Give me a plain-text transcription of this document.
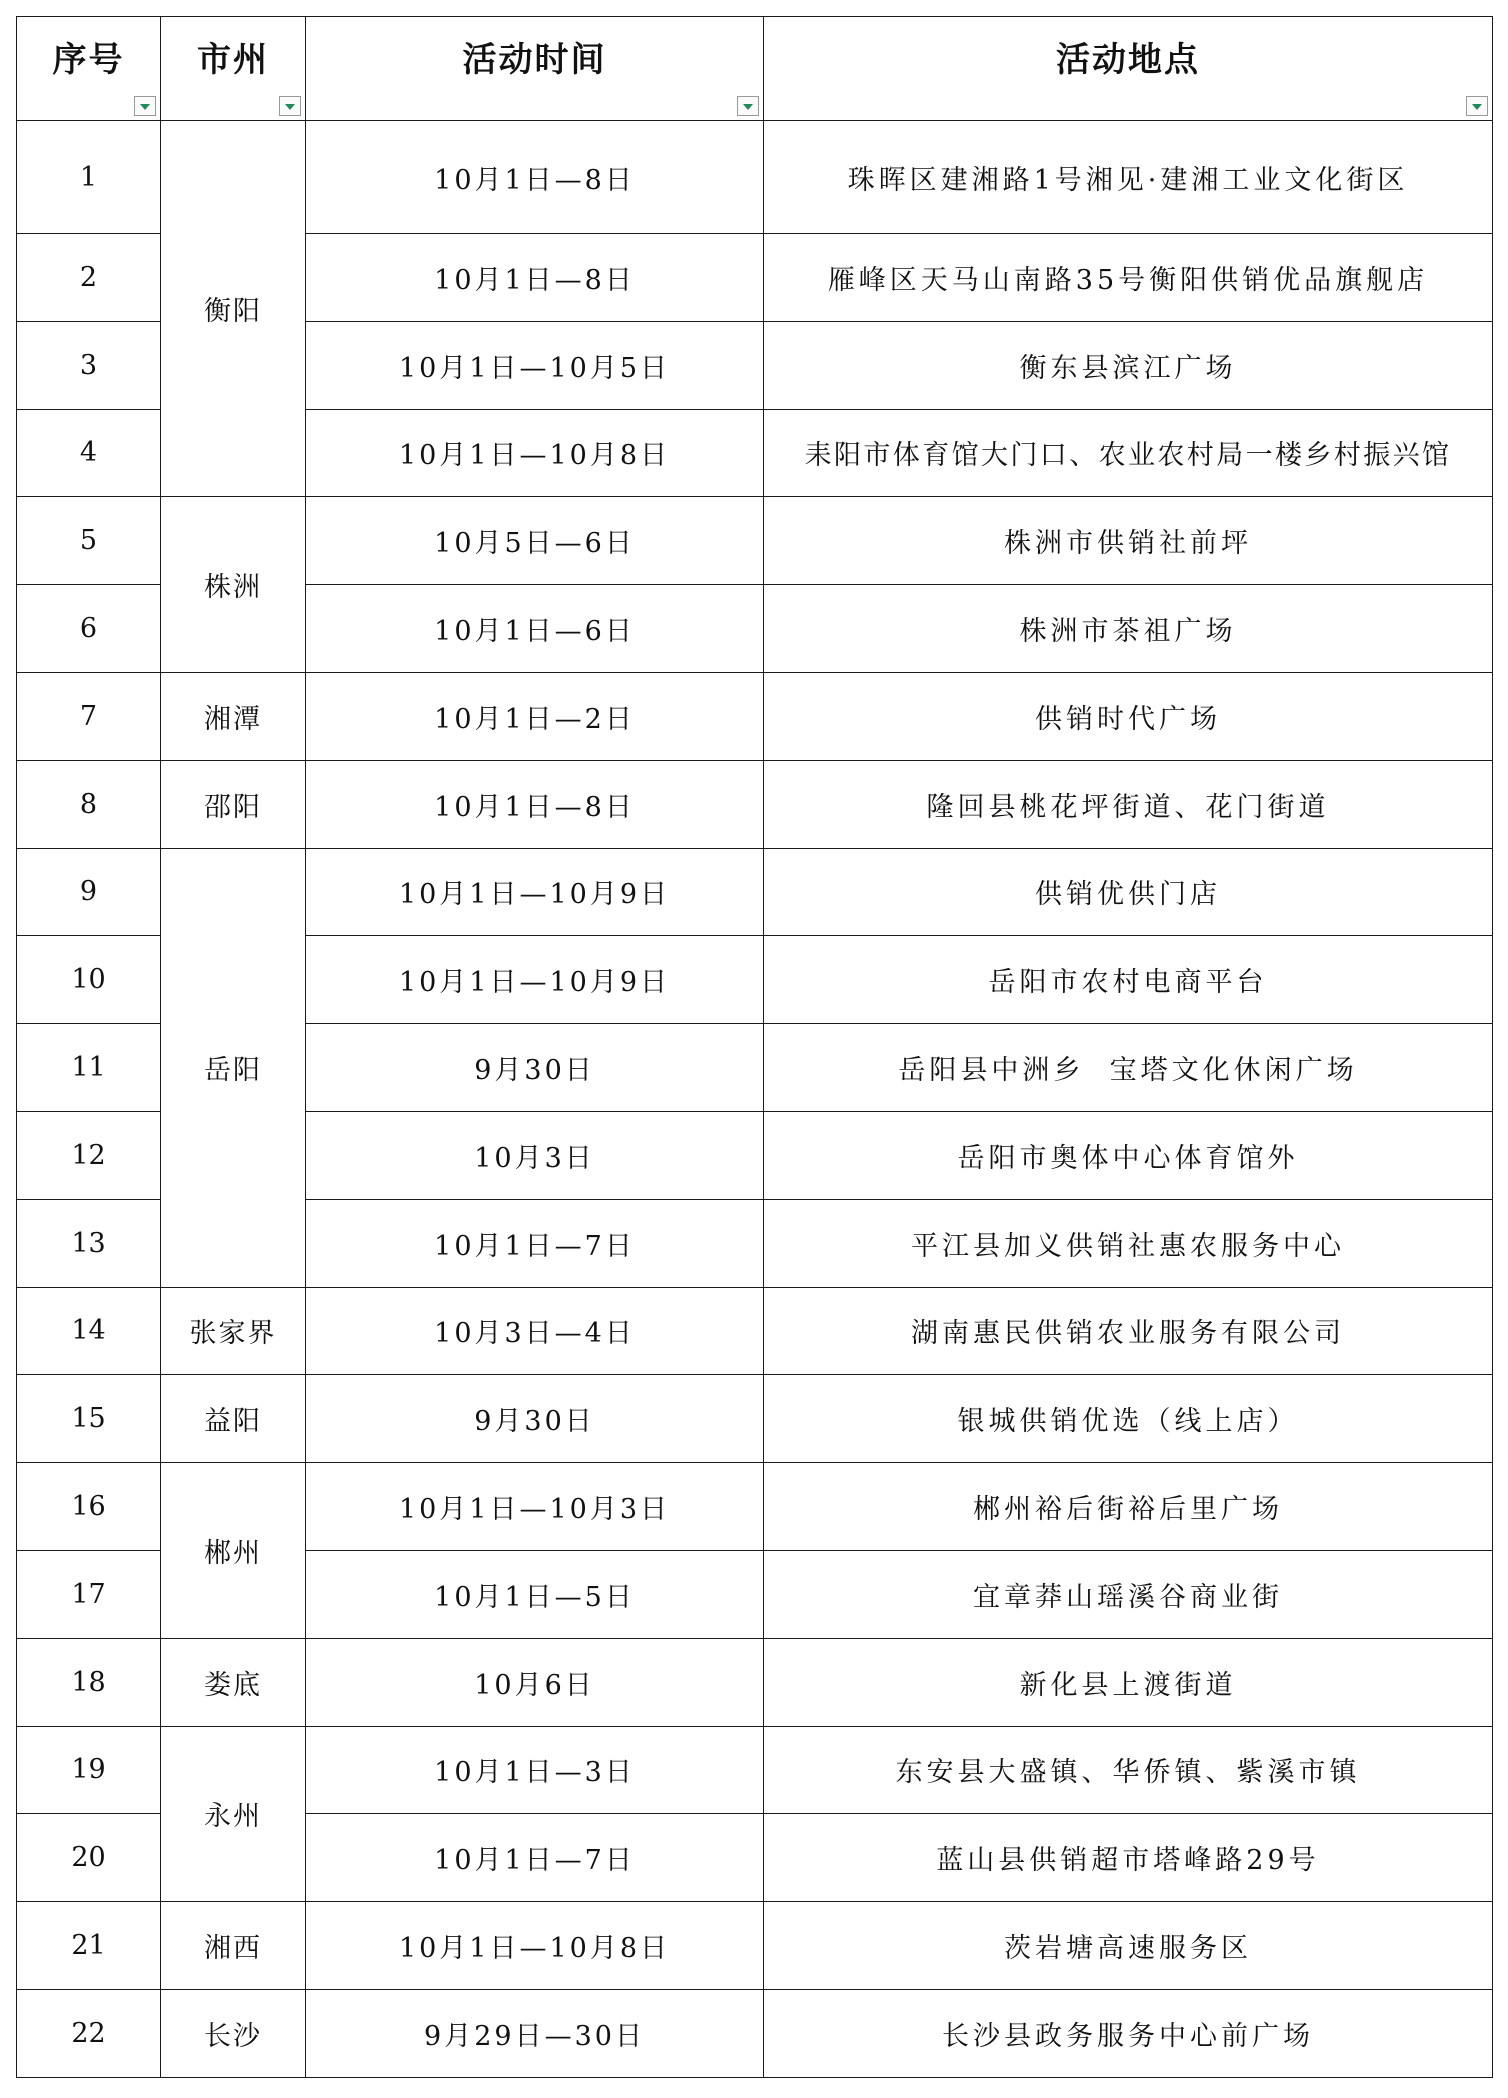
序号	市州	活动时间	活动地点

1	衡阳	10月1日—8日	珠晖区建湘路1号湘见·建湘工业文化街区
2		10月1日—8日	雁峰区天马山南路35号衡阳供销优品旗舰店
3		10月1日—10月5日	衡东县滨江广场
4		10月1日—10月8日	耒阳市体育馆大门口、农业农村局一楼乡村振兴馆
5	株洲	10月5日—6日	株洲市供销社前坪
6		10月1日—6日	株洲市茶祖广场
7	湘潭	10月1日—2日	供销时代广场
8	邵阳	10月1日—8日	隆回县桃花坪街道、花门街道
9	岳阳	10月1日—10月9日	供销优供门店
10		10月1日—10月9日	岳阳市农村电商平台
11		9月30日	岳阳县中洲乡  宝塔文化休闲广场
12		10月3日	岳阳市奥体中心体育馆外
13		10月1日—7日	平江县加义供销社惠农服务中心
14	张家界	10月3日—4日	湖南惠民供销农业服务有限公司
15	益阳	9月30日	银城供销优选（线上店）
16	郴州	10月1日—10月3日	郴州裕后街裕后里广场
17		10月1日—5日	宜章莽山瑶溪谷商业街
18	娄底	10月6日	新化县上渡街道
19	永州	10月1日—3日	东安县大盛镇、华侨镇、紫溪市镇
20		10月1日—7日	蓝山县供销超市塔峰路29号
21	湘西	10月1日—10月8日	茨岩塘高速服务区
22	长沙	9月29日—30日	长沙县政务服务中心前广场
